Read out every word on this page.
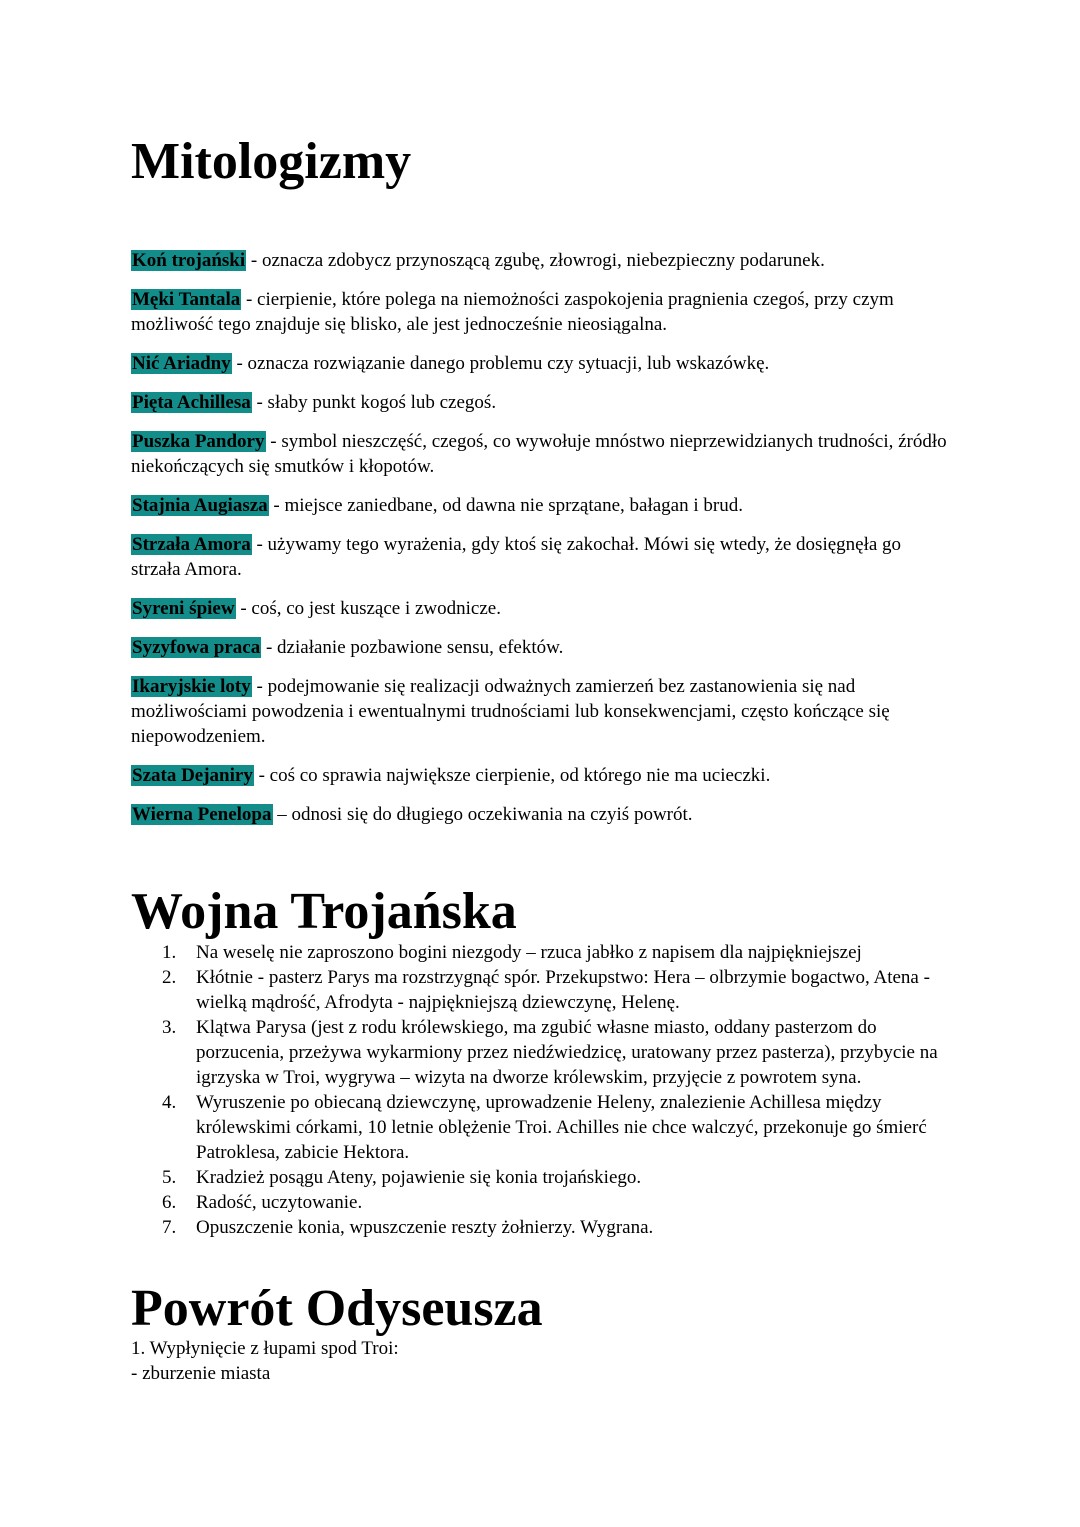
Mitologizmy

Koń trojański - oznacza zdobycz przynoszącą zgubę, złowrogi, niebezpieczny podarunek.

Męki Tantala - cierpienie, które polega na niemożności zaspokojenia pragnienia czegoś, przy czym możliwość tego znajduje się blisko, ale jest jednocześnie nieosiągalna.

Nić Ariadny - oznacza rozwiązanie danego problemu czy sytuacji, lub wskazówkę.

Pięta Achillesa - słaby punkt kogoś lub czegoś.

Puszka Pandory - symbol nieszczęść, czegoś, co wywołuje mnóstwo nieprzewidzianych trudności, źródło niekończących się smutków i kłopotów.

Stajnia Augiasza - miejsce zaniedbane, od dawna nie sprzątane, bałagan i brud.

Strzała Amora - używamy tego wyrażenia, gdy ktoś się zakochał. Mówi się wtedy, że dosięgnęła go strzała Amora.

Syreni śpiew - coś, co jest kuszące i zwodnicze.

Syzyfowa praca - działanie pozbawione sensu, efektów.

Ikaryjskie loty - podejmowanie się realizacji odważnych zamierzeń bez zastanowienia się nad możliwościami powodzenia i ewentualnymi trudnościami lub konsekwencjami, często kończące się niepowodzeniem.

Szata Dejaniry - coś co sprawia największe cierpienie, od którego nie ma ucieczki.

Wierna Penelopa – odnosi się do długiego oczekiwania na czyiś powrót.

Wojna Trojańska
1. Na weselę nie zaproszono bogini niezgody – rzuca jabłko z napisem dla najpiękniejszej
2. Kłótnie - pasterz Parys ma rozstrzygnąć spór. Przekupstwo: Hera – olbrzymie bogactwo, Atena - wielką mądrość, Afrodyta - najpiękniejszą dziewczynę, Helenę.
3. Klątwa Parysa (jest z rodu królewskiego, ma zgubić własne miasto, oddany pasterzom do porzucenia, przeżywa wykarmiony przez niedźwiedzicę, uratowany przez pasterza), przybycie na igrzyska w Troi, wygrywa – wizyta na dworze królewskim, przyjęcie z powrotem syna.
4. Wyruszenie po obiecaną dziewczynę, uprowadzenie Heleny, znalezienie Achillesa między królewskimi córkami, 10 letnie oblężenie Troi. Achilles nie chce walczyć, przekonuje go śmierć Patroklesa, zabicie Hektora.
5. Kradzież posągu Ateny, pojawienie się konia trojańskiego.
6. Radość, uczytowanie.
7. Opuszczenie konia, wpuszczenie reszty żołnierzy. Wygrana.
Powrót Odyseusza
1. Wypłynięcie z łupami spod Troi:
- zburzenie miasta
